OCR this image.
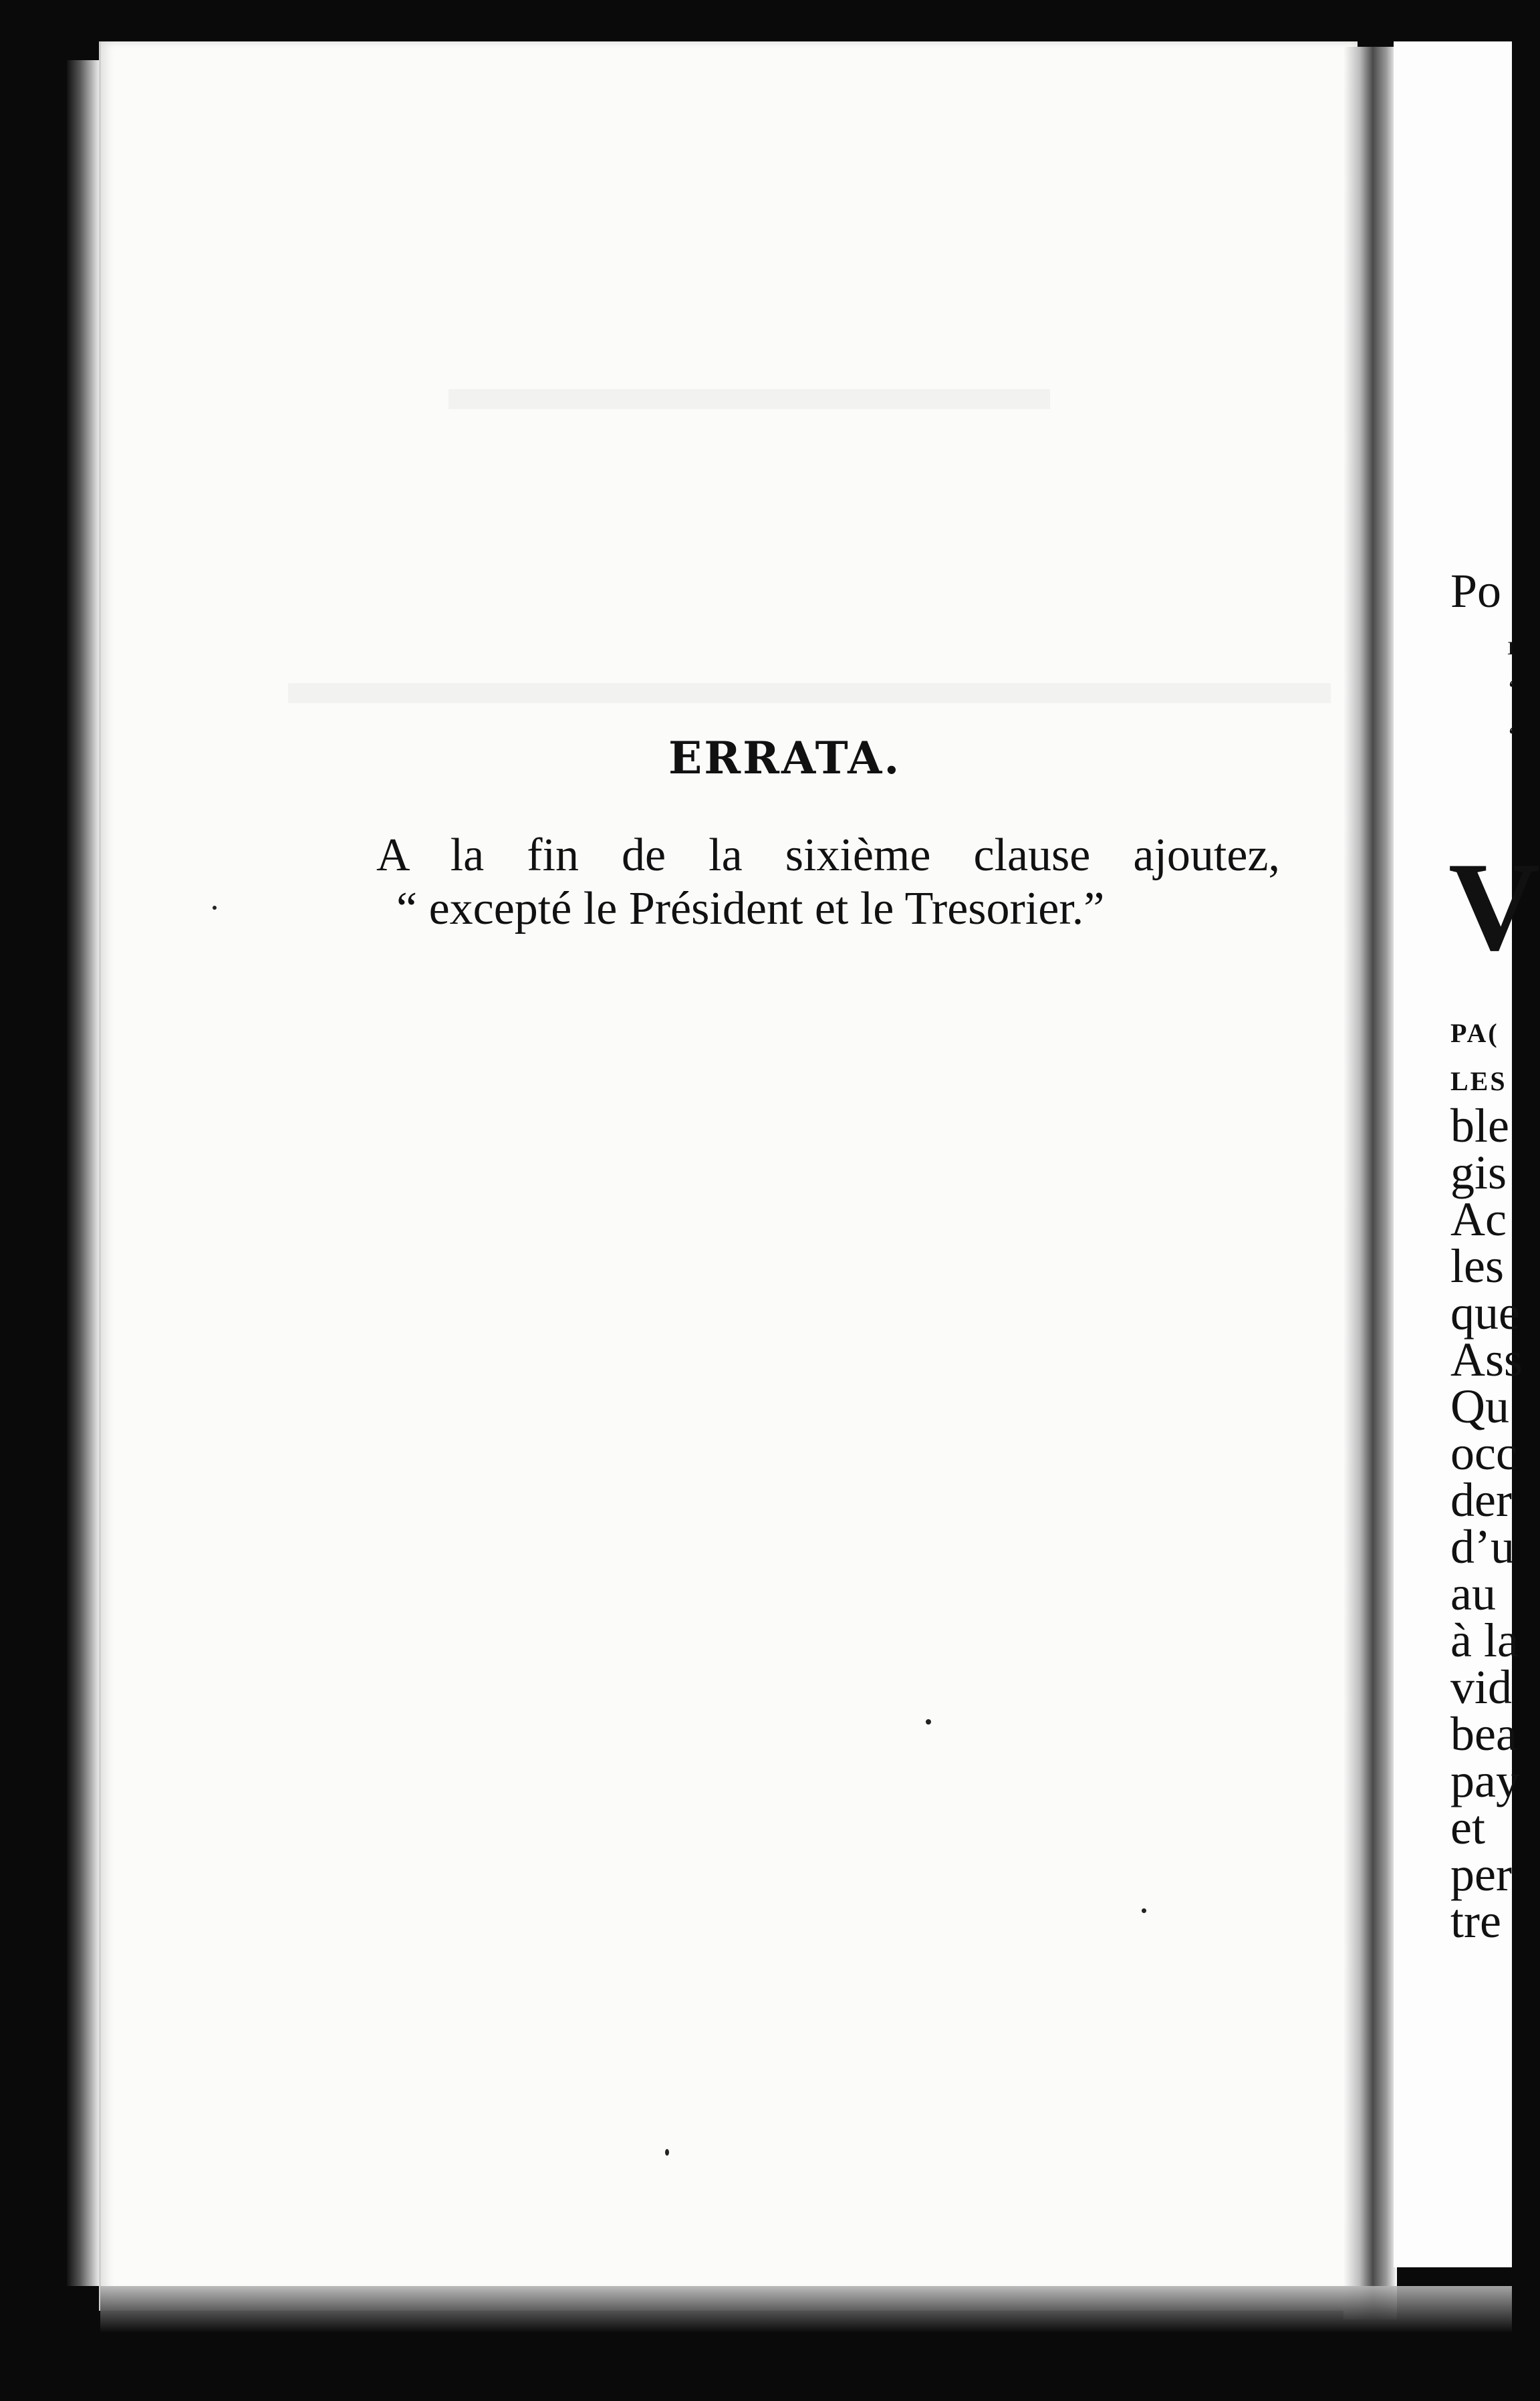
ERRATA.
A la fin de la sixième clause ajoutez,
“ excepté le Président et le Tresorier.”
Po
ı
‘
‘
V
PA(
LES
ble
gis
Ac
les
que
Ass
Qu
occ
der
d’u
au
à la
vid
bea
pay
et
per
tre
